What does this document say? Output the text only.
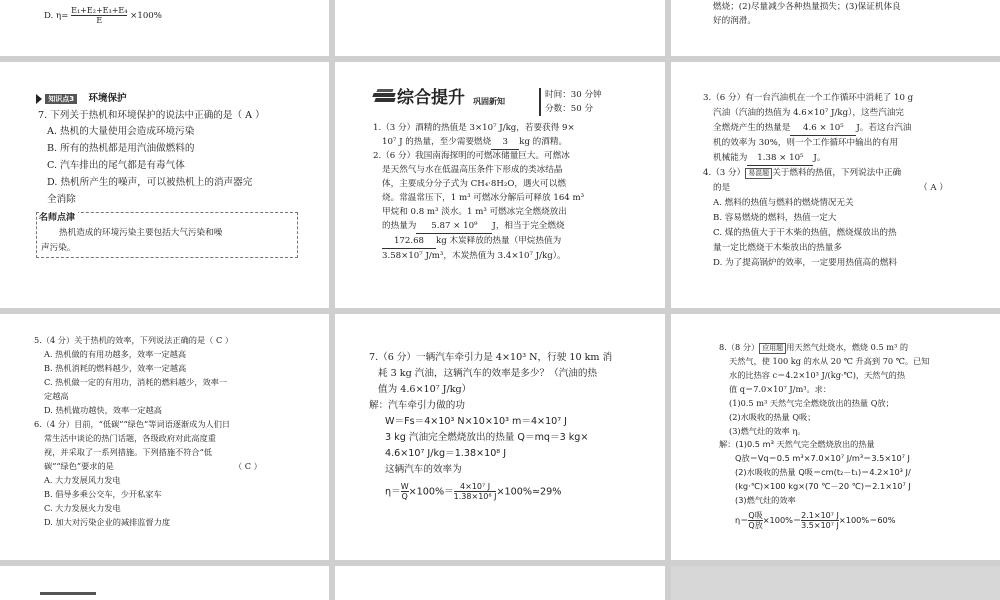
D. $\eta= \frac{\text{E₁+E₂+E₃+E₄}}{E} \times 100\%$
燃烧；(2)尽量减少各种热量损失；(3)保证机体良
好的润滑。
知识点3 环境保护
7. 下列关于热机和环境保护的说法中正确的是（ A ）
A. 热机的大量使用会造成环境污染
B. 所有的热机都是用汽油做燃料的
C. 汽车排出的尾气都是有毒气体
D. 热机所产生的噪声，可以被热机上的消声器完
全消除
名师点津
热机造成的环境污染主要包括大气污染和噪
声污染。
综合提升 巩固新知
时间：30 分钟
分数：50 分
1.（3 分）酒精的热值是 3×10⁷ J/kg，若要获得 9×
10⁷ J 的热量，至少需要燃烧 3 kg 的酒精。
2.（6 分）我国南海探明的可燃冰储量巨大。可燃冰
是天然气与水在低温高压条件下形成的类冰结晶
体，主要成分分子式为 CH₄·8H₂O，遇火可以燃
烧。常温常压下，1 m³ 可燃冰分解后可释放 164 m³
甲烷和 0.8 m³ 淡水。1 m³ 可燃冰完全燃烧放出
的热量为 5.87 × 10⁹ J，相当于完全燃烧
172.68 kg 木炭释放的热量（甲烷热值为
3.58×10⁷ J/m³，木炭热值为 3.4×10⁷ J/kg）。
3.（6 分）有一台汽油机在一个工作循环中消耗了 10 g
汽油（汽油的热值为 4.6×10⁷ J/kg），这些汽油完
全燃烧产生的热量是 4.6 × 10⁵ J。若这台汽油
机的效率为 30%，则一个工作循环中输出的有用
机械能为 1.38 × 10⁵ J。
4.（3 分） 易混题 关于燃料的热值，下列说法中正确
的是	（ A ）
A. 燃料的热值与燃料的燃烧情况无关
B. 容易燃烧的燃料，热值一定大
C. 煤的热值大于干木柴的热值，燃烧煤放出的热
量一定比燃烧干木柴放出的热量多
D. 为了提高锅炉的效率，一定要用热值高的燃料
5.（4 分）关于热机的效率，下列说法正确的是（ C ）
A. 热机做的有用功越多，效率一定越高
B. 热机消耗的燃料越少，效率一定越高
C. 热机做一定的有用功，消耗的燃料越少，效率一
定越高
D. 热机做功越快，效率一定越高
6.（4 分）目前，“低碳”“绿色”等词语逐渐成为人们日
常生活中谈论的热门话题，各级政府对此高度重
视，并采取了一系列措施。下列措施不符合“低
碳”“绿色”要求的是	（ C ）
A. 大力发展风力发电
B. 倡导多乘公交车，少开私家车
C. 大力发展火力发电
D. 加大对污染企业的减排监督力度
7.（6 分）一辆汽车牵引力是 4×10³ N，行驶 10 km 消
耗 3 kg 汽油，这辆汽车的效率是多少？（汽油的热
值为 4.6×10⁷ J/kg）
解：汽车牵引力做的功
W＝Fs＝4×10³ N×10×10³ m＝4×10⁷ J
3 kg 汽油完全燃烧放出的热量 Q＝mq＝3 kg×
4.6×10⁷ J/kg＝1.38×10⁸ J
这辆汽车的效率为
$\eta= \frac{W}{Q} \times 100\%= \frac{\text{4×10⁷ J}}{\text{1.38×10⁸ J}} \times 100\%\approx 29\%$
8.（8 分） 应用题 用天然气灶烧水，燃烧 0.5 m³ 的
天然气，使 100 kg 的水从 20 ℃ 升高到 70 ℃。已知
水的比热容 c＝4.2×10³ J/(kg·℃)，天然气的热
值 q＝7.0×10⁷ J/m³。求：
(1)0.5 m³ 天然气完全燃烧放出的热量 Q放；
(2)水吸收的热量 Q吸；
(3)燃气灶的效率 η。
解：(1)0.5 m³ 天然气完全燃烧放出的热量
Q放＝Vq＝0.5 m³×7.0×10⁷ J/m³＝3.5×10⁷ J
(2)水吸收的热量 Q吸＝cm(t₂－t₁)＝4.2×10³ J/
(kg·℃)×100 kg×(70 ℃－20 ℃)＝2.1×10⁷ J
(3)燃气灶的效率
$\eta= \frac{\text{Q吸}}{\text{Q放}} \times 100\%= \frac{\text{2.1×10⁷ J}}{\text{3.5×10⁷ J}} \times 100\%=60\%$
